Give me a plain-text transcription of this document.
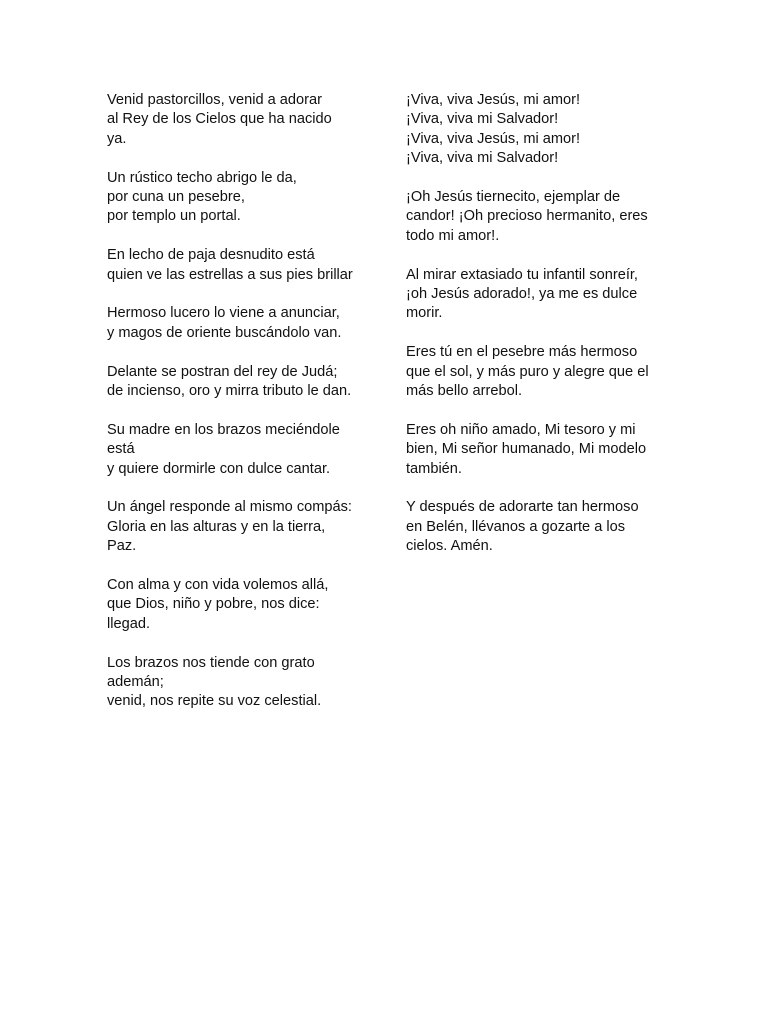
Venid pastorcillos, venid a adorar
al Rey de los Cielos que ha nacido
ya.
Un rústico techo abrigo le da,
por cuna un pesebre,
por templo un portal.
En lecho de paja desnudito está
quien ve las estrellas a sus pies brillar
Hermoso lucero lo viene a anunciar,
y magos de oriente buscándolo van.
Delante se postran del rey de Judá;
de incienso, oro y mirra tributo le dan.
Su madre en los brazos meciéndole
está
y quiere dormirle con dulce cantar.
Un ángel responde al mismo compás:
Gloria en las alturas y en la tierra,
Paz.
Con alma y con vida volemos allá,
que Dios, niño y pobre, nos dice:
llegad.
Los brazos nos tiende con grato
ademán;
venid, nos repite su voz celestial.
¡Viva, viva Jesús, mi amor!
¡Viva, viva mi Salvador!
¡Viva, viva Jesús, mi amor!
¡Viva, viva mi Salvador!
¡Oh Jesús tiernecito, ejemplar de
candor! ¡Oh precioso hermanito, eres
todo mi amor!.
Al mirar extasiado tu infantil sonreír,
¡oh Jesús adorado!, ya me es dulce
morir.
Eres tú en el pesebre más hermoso
que el sol, y más puro y alegre que el
más bello arrebol.
Eres oh niño amado, Mi tesoro y mi
bien, Mi señor humanado, Mi modelo
también.
Y después de adorarte tan hermoso
en Belén, llévanos a gozarte a los
cielos. Amén.
